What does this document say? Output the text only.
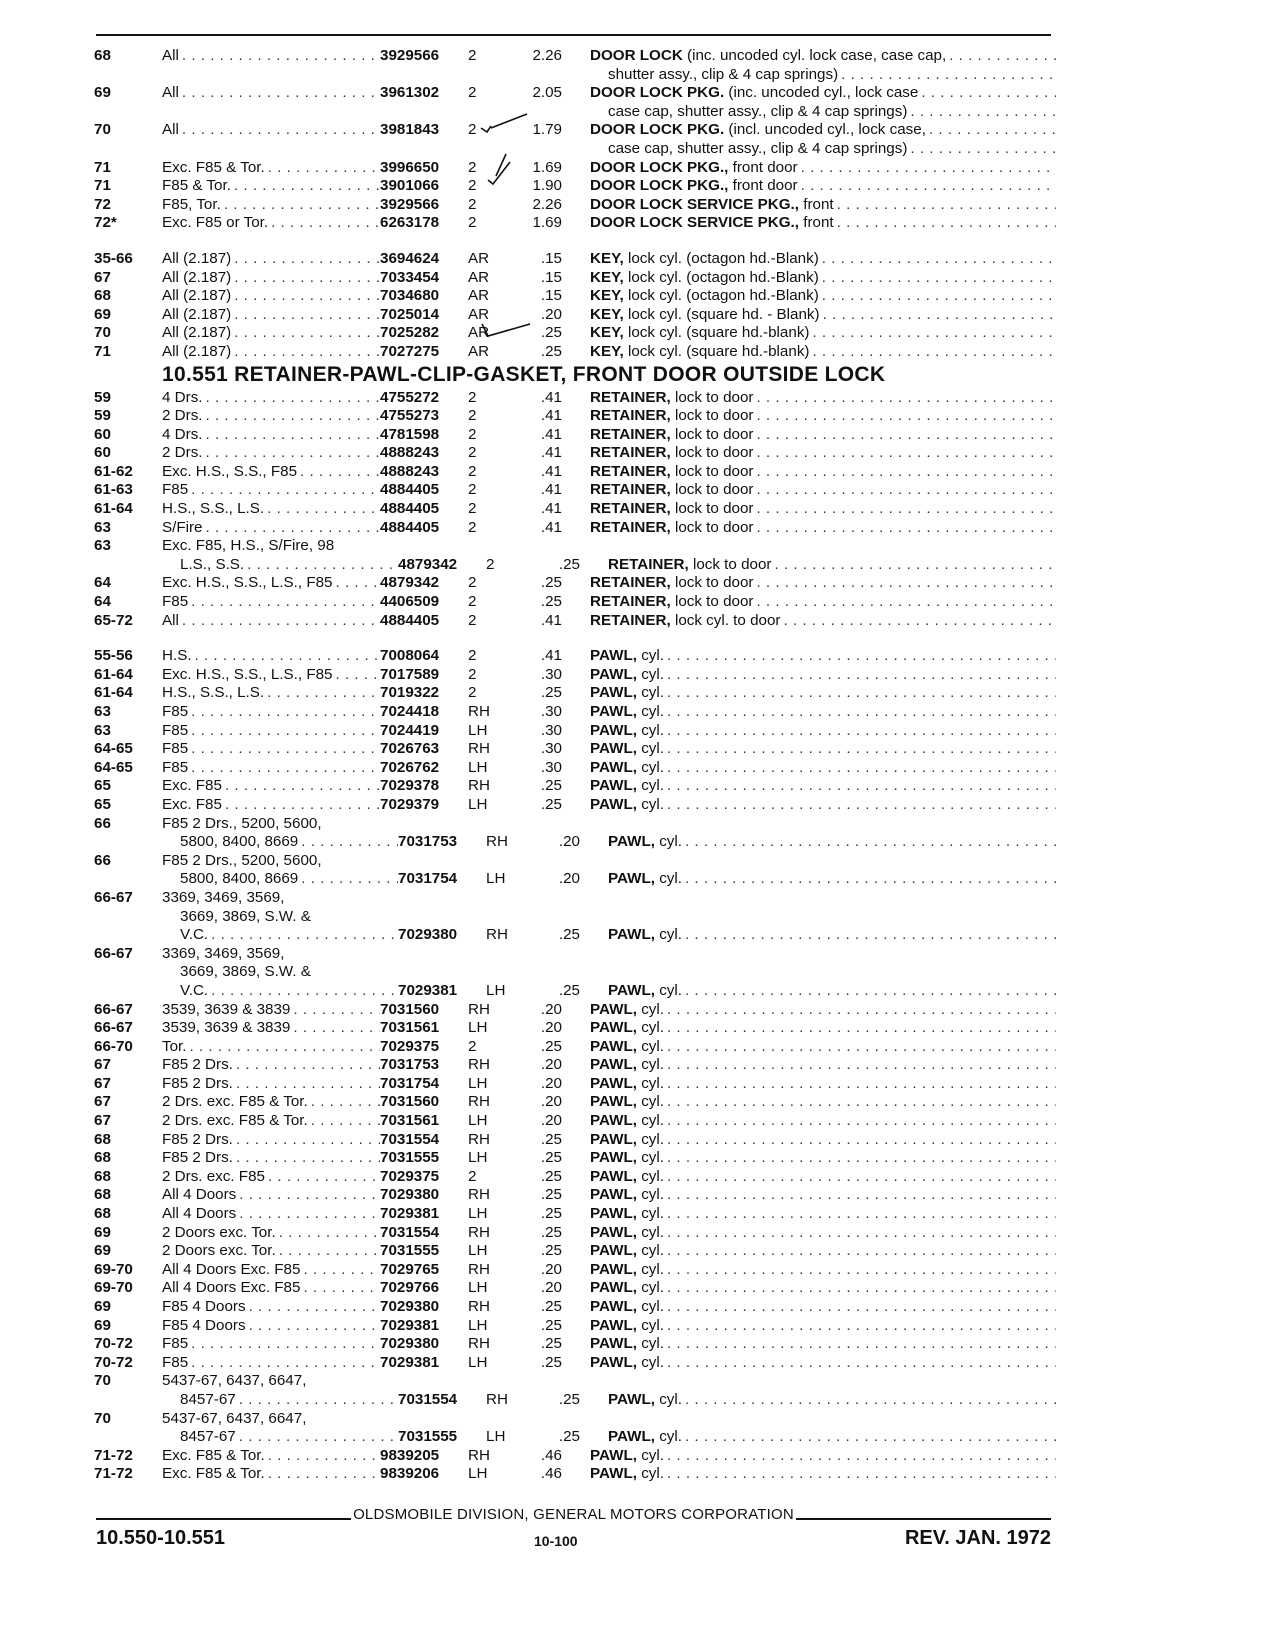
68	All . . .	3929566	2	2.26	DOOR LOCK (inc. uncoded cyl. lock case, case cap,
. . .
shutter assy., clip & 4 cap springs)
. . .
69	All . . .	3961302	2	2.05	DOOR LOCK PKG. (inc. uncoded cyl., lock case
. . .
case cap, shutter assy., clip & 4 cap springs)
. . .
70	All . . .	3981843	2	1.79	DOOR LOCK PKG. (incl. uncoded cyl., lock case,
. . .
case cap, shutter assy., clip & 4 cap springs)
. . .
71	Exc. F85 & Tor. . . .	3996650	2	1.69	DOOR LOCK PKG., front door
. . .
71	F85 & Tor. . . .	3901066	2	1.90	DOOR LOCK PKG., front door
. . .
72	F85, Tor. . . .	3929566	2	2.26	DOOR LOCK SERVICE PKG., front
. . .
72*	Exc. F85 or Tor. . . .	6263178	2	1.69	DOOR LOCK SERVICE PKG., front
. . .
35-66	All (2.187) . . .	3694624	AR	.15	KEY, lock cyl. (octagon hd.-Blank)
. . .
67	All (2.187) . . .	7033454	AR	.15	KEY, lock cyl. (octagon hd.-Blank)
. . .
68	All (2.187) . . .	7034680	AR	.15	KEY, lock cyl. (octagon hd.-Blank)
. . .
69	All (2.187) . . .	7025014	AR	.20	KEY, lock cyl. (square hd. - Blank)
. . .
70	All (2.187) . . .	7025282	AR	.25	KEY, lock cyl. (square hd.-blank)
. . .
71	All (2.187) . . .	7027275	AR	.25	KEY, lock cyl. (square hd.-blank)
. . .
10.551 RETAINER-PAWL-CLIP-GASKET, FRONT DOOR OUTSIDE LOCK
59	4 Drs. . . .	4755272	2	.41	RETAINER, lock to door
. . .
59	2 Drs. . . .	4755273	2	.41	RETAINER, lock to door
. . .
60	4 Drs. . . .	4781598	2	.41	RETAINER, lock to door
. . .
60	2 Drs. . . .	4888243	2	.41	RETAINER, lock to door
. . .
61-62	Exc. H.S., S.S., F85 . . .	4888243	2	.41	RETAINER, lock to door
. . .
61-63	F85 . . .	4884405	2	.41	RETAINER, lock to door
. . .
61-64	H.S., S.S., L.S. . . .	4884405	2	.41	RETAINER, lock to door
. . .
63	S/Fire . . .	4884405	2	.41	RETAINER, lock to door
. . .
63	Exc. F85, H.S., S/Fire, 98
L.S., S.S. . . .	4879342	2	.25	RETAINER, lock to door
. . .
64	Exc. H.S., S.S., L.S., F85 . . .	4879342	2	.25	RETAINER, lock to door
. . .
64	F85 . . .	4406509	2	.25	RETAINER, lock to door
. . .
65-72	All . . .	4884405	2	.41	RETAINER, lock cyl. to door
. . .
55-56	H.S. . . .	7008064	2	.41	PAWL, cyl.
. . .
61-64	Exc. H.S., S.S., L.S., F85 . . .	7017589	2	.30	PAWL, cyl.
. . .
61-64	H.S., S.S., L.S. . . .	7019322	2	.25	PAWL, cyl.
. . .
63	F85 . . .	7024418	RH	.30	PAWL, cyl.
. . .
63	F85 . . .	7024419	LH	.30	PAWL, cyl.
. . .
64-65	F85 . . .	7026763	RH	.30	PAWL, cyl.
. . .
64-65	F85 . . .	7026762	LH	.30	PAWL, cyl.
. . .
65	Exc. F85 . . .	7029378	RH	.25	PAWL, cyl.
. . .
65	Exc. F85 . . .	7029379	LH	.25	PAWL, cyl.
. . .
66	F85 2 Drs., 5200, 5600,
5800, 8400, 8669 . . .	7031753	RH	.20	PAWL, cyl.
. . .
66	F85 2 Drs., 5200, 5600,
5800, 8400, 8669 . . .	7031754	LH	.20	PAWL, cyl.
. . .
66-67	3369, 3469, 3569,
3669, 3869, S.W. &
V.C. . . .	7029380	RH	.25	PAWL, cyl.
. . .
66-67	3369, 3469, 3569,
3669, 3869, S.W. &
V.C. . . .	7029381	LH	.25	PAWL, cyl.
. . .
66-67	3539, 3639 & 3839 . . .	7031560	RH	.20	PAWL, cyl.
. . .
66-67	3539, 3639 & 3839 . . .	7031561	LH	.20	PAWL, cyl.
. . .
66-70	Tor. . . .	7029375	2	.25	PAWL, cyl.
. . .
67	F85 2 Drs. . . .	7031753	RH	.20	PAWL, cyl.
. . .
67	F85 2 Drs. . . .	7031754	LH	.20	PAWL, cyl.
. . .
67	2 Drs. exc. F85 & Tor. . . .	7031560	RH	.20	PAWL, cyl.
. . .
67	2 Drs. exc. F85 & Tor. . . .	7031561	LH	.20	PAWL, cyl.
. . .
68	F85 2 Drs. . . .	7031554	RH	.25	PAWL, cyl.
. . .
68	F85 2 Drs. . . .	7031555	LH	.25	PAWL, cyl.
. . .
68	2 Drs. exc. F85 . . .	7029375	2	.25	PAWL, cyl.
. . .
68	All 4 Doors . . .	7029380	RH	.25	PAWL, cyl.
. . .
68	All 4 Doors . . .	7029381	LH	.25	PAWL, cyl.
. . .
69	2 Doors exc. Tor. . . .	7031554	RH	.25	PAWL, cyl.
. . .
69	2 Doors exc. Tor. . . .	7031555	LH	.25	PAWL, cyl.
. . .
69-70	All 4 Doors Exc. F85 . . .	7029765	RH	.20	PAWL, cyl.
. . .
69-70	All 4 Doors Exc. F85 . . .	7029766	LH	.20	PAWL, cyl.
. . .
69	F85 4 Doors . . .	7029380	RH	.25	PAWL, cyl.
. . .
69	F85 4 Doors . . .	7029381	LH	.25	PAWL, cyl.
. . .
70-72	F85 . . .	7029380	RH	.25	PAWL, cyl.
. . .
70-72	F85 . . .	7029381	LH	.25	PAWL, cyl.
. . .
70	5437-67, 6437, 6647,
8457-67 . . .	7031554	RH	.25	PAWL, cyl.
. . .
70	5437-67, 6437, 6647,
8457-67 . . .	7031555	LH	.25	PAWL, cyl.
. . .
71-72	Exc. F85 & Tor. . . .	9839205	RH	.46	PAWL, cyl.
. . .
71-72	Exc. F85 & Tor. . . .	9839206	LH	.46	PAWL, cyl.
. . .
OLDSMOBILE DIVISION, GENERAL MOTORS CORPORATION
10.550-10.551	10-100	REV. JAN. 1972
